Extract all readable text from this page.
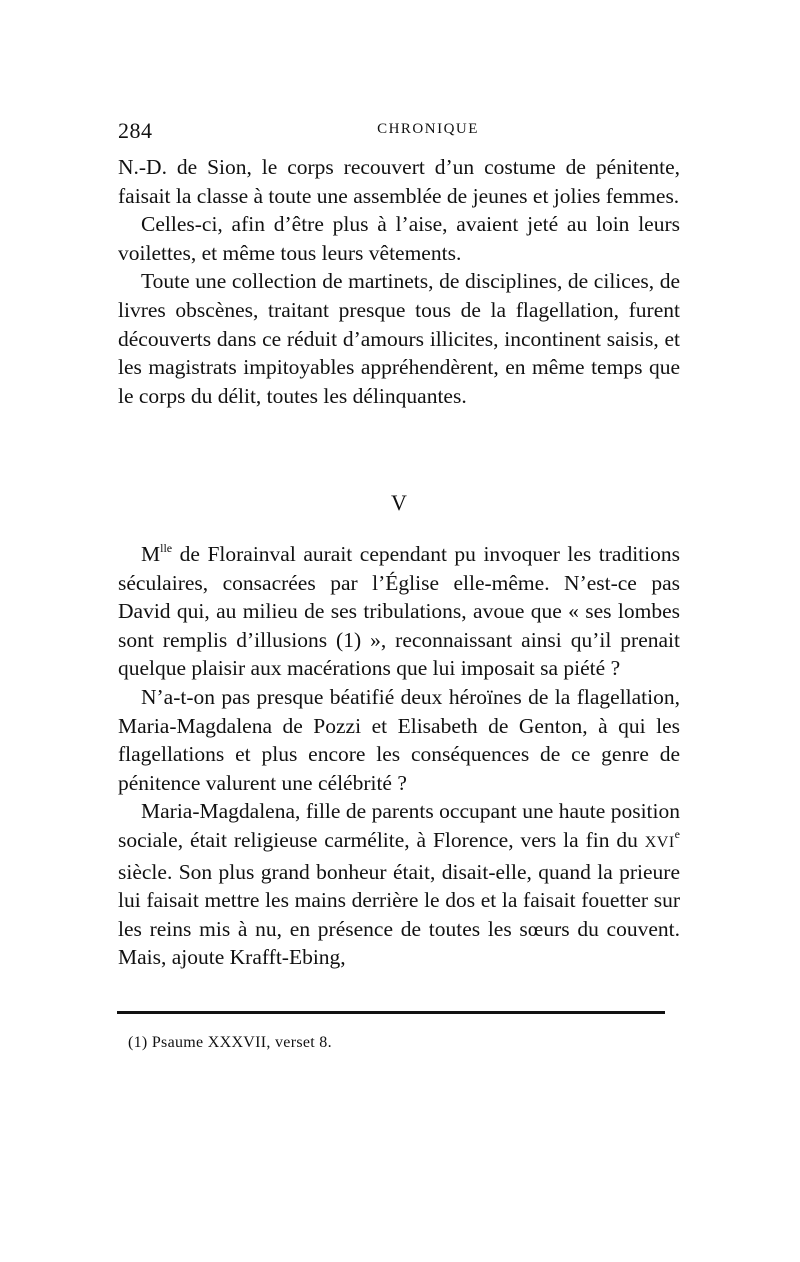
284	CHRONIQUE

N.-D. de Sion, le corps recouvert d’un costume de pénitente, faisait la classe à toute une assemblée de jeunes et jolies femmes.

Celles-ci, afin d’être plus à l’aise, avaient jeté au loin leurs voilettes, et même tous leurs vêtements.

Toute une collection de martinets, de disciplines, de cilices, de livres obscènes, traitant presque tous de la flagellation, furent découverts dans ce réduit d’amours illicites, incontinent saisis, et les magistrats impitoyables appréhendèrent, en même temps que le corps du délit, toutes les délinquantes.

V

$M^{lle}$ de Florainval aurait cependant pu invoquer les traditions séculaires, consacrées par l’Église elle-même. N’est-ce pas David qui, au milieu de ses tribulations, avoue que « ses lombes sont remplis d’illusions (1) », reconnaissant ainsi qu’il prenait quelque plaisir aux macérations que lui imposait sa piété ?

N’a-t-on pas presque béatifié deux héroïnes de la flagellation, Maria-Magdalena de Pozzi et Elisabeth de Genton, à qui les flagellations et plus encore les conséquences de ce genre de pénitence valurent une célébrité ?

Maria-Magdalena, fille de parents occupant une haute position sociale, était religieuse carmélite, à Florence, vers la fin du XVIe siècle. Son plus grand bonheur était, disait-elle, quand la prieure lui faisait mettre les mains derrière le dos et la faisait fouetter sur les reins mis à nu, en présence de toutes les sœurs du couvent. Mais, ajoute Krafft-Ebing,

(1) Psaume XXXVII, verset 8.
